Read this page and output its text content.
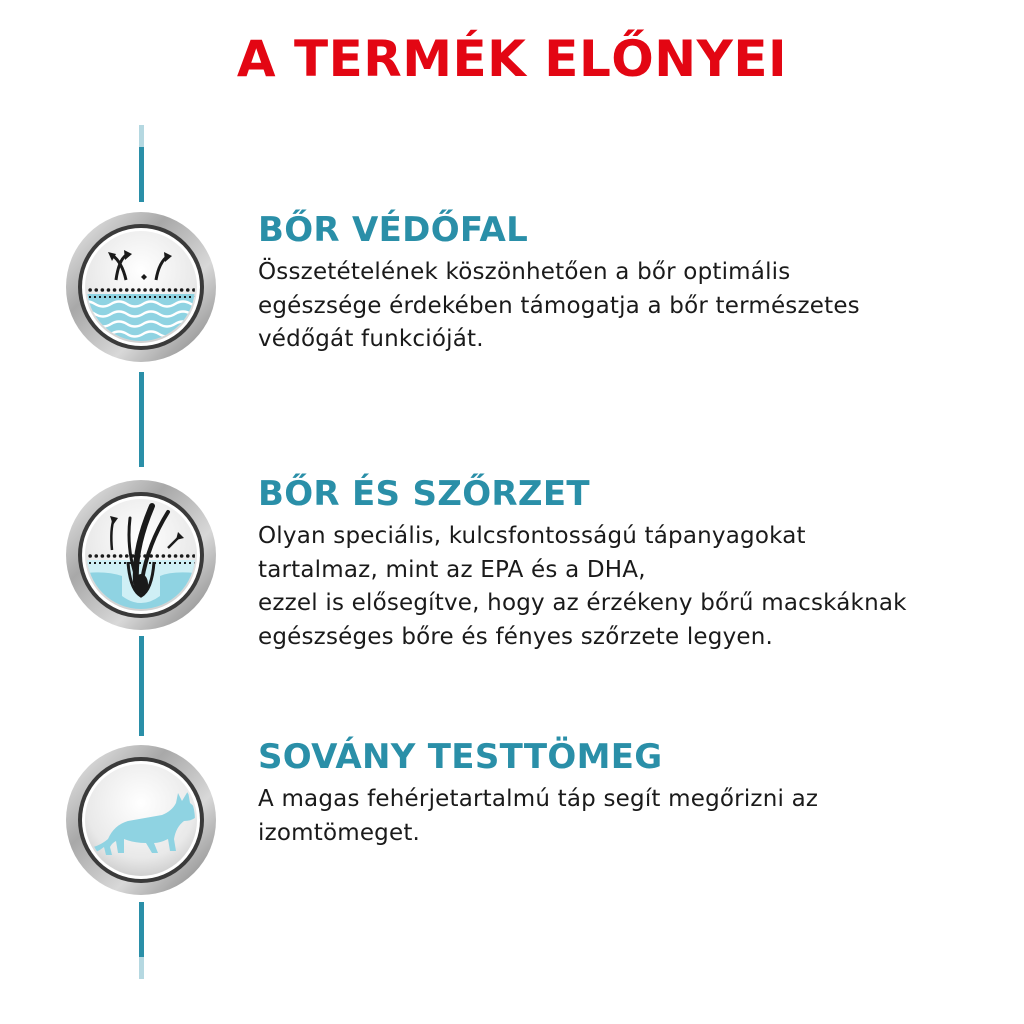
A TERMÉK ELŐNYEI
BŐR VÉDŐFAL

Összetételének köszönhetően a bőr optimális
egészsége érdekében támogatja a bőr természetes
védőgát funkcióját.

BŐR ÉS SZŐRZET

Olyan speciális, kulcsfontosságú tápanyagokat
tartalmaz, mint az EPA és a DHA,
ezzel is elősegítve, hogy az érzékeny bőrű macskáknak
egészséges bőre és fényes szőrzete legyen.

SOVÁNY TESTTÖMEG

A magas fehérjetartalmú táp segít megőrizni az
izomtömeget.
